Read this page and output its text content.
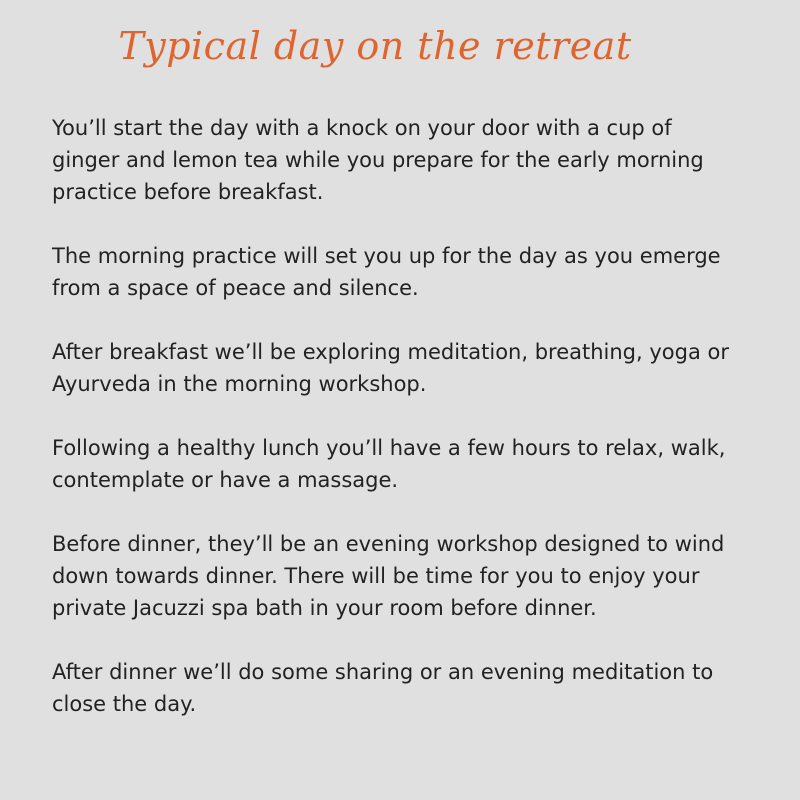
Typical day on the retreat

You’ll start the day with a knock on your door with a cup of
ginger and lemon tea while you prepare for the early morning
practice before breakfast.

The morning practice will set you up for the day as you emerge
from a space of peace and silence.

After breakfast we’ll be exploring meditation, breathing, yoga or
Ayurveda in the morning workshop.

Following a healthy lunch you’ll have a few hours to relax, walk,
contemplate or have a massage.

Before dinner, they’ll be an evening workshop designed to wind
down towards dinner. There will be time for you to enjoy your
private Jacuzzi spa bath in your room before dinner.

After dinner we’ll do some sharing or an evening meditation to
close the day.
